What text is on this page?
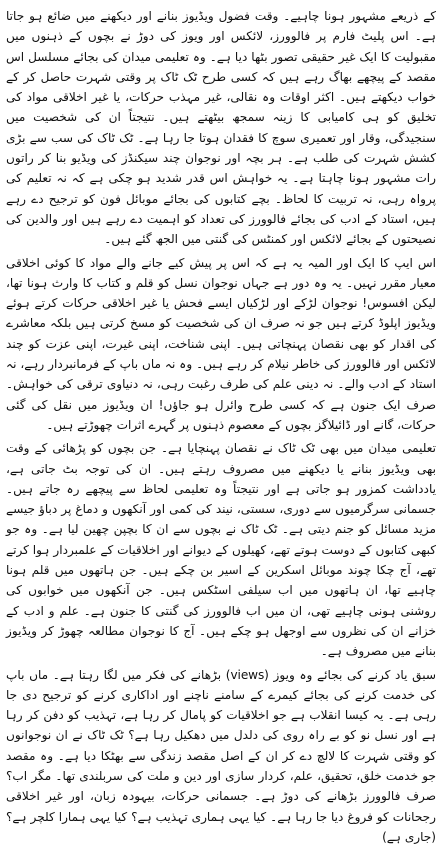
کے ذریعے مشہور ہونا چاہیے۔ وقت فضول ویڈیوز بنانے اور دیکھنے میں ضائع ہو جاتا ہے۔ اس پلیٹ فارم پر فالوورز، لائکس اور ویوز کی دوڑ نے بچوں کے ذہنوں میں مقبولیت کا ایک غیر حقیقی تصور بٹھا دیا ہے۔ وہ تعلیمی میدان کی بجائے مسلسل اس مقصد کے پیچھے بھاگ رہے ہیں کہ کسی طرح ٹک ٹاک پر وقتی شہرت حاصل کر کے خواب دیکھتے ہیں۔ اکثر اوقات وہ نقالی، غیر مہذب حرکات، یا غیر اخلاقی مواد کی تخلیق کو ہی کامیابی کا زینہ سمجھ بیٹھتے ہیں۔ نتیجتاً ان کی شخصیت میں سنجیدگی، وقار اور تعمیری سوچ کا فقدان ہوتا جا رہا ہے۔ ٹک ٹاک کی سب سے بڑی کشش شہرت کی طلب ہے۔ ہر بچہ اور نوجوان چند سیکنڈز کی ویڈیو بنا کر راتوں رات مشہور ہونا چاہتا ہے۔ یہ خواہش اس قدر شدید ہو چکی ہے کہ نہ تعلیم کی پرواہ رہی، نہ تربیت کا لحاظ۔ بچے کتابوں کی بجائے موبائل فون کو ترجیح دے رہے ہیں، استاد کے ادب کی بجائے فالوورز کی تعداد کو اہمیت دے رہے ہیں اور والدین کی نصیحتوں کے بجائے لائکس اور کمنٹس کی گنتی میں الجھ گئے ہیں۔

اس ایپ کا ایک اور المیہ یہ ہے کہ اس پر پیش کیے جانے والے مواد کا کوئی اخلاقی معیار مقرر نہیں۔ یہ وہ دور ہے جہاں نوجوان نسل کو قلم و کتاب کا وارث ہونا تھا، لیکن افسوس! نوجوان لڑکے اور لڑکیاں ایسے فحش یا غیر اخلاقی حرکات کرتے ہوئے ویڈیوز اپلوڈ کرتے ہیں جو نہ صرف ان کی شخصیت کو مسخ کرتی ہیں بلکہ معاشرے کی اقدار کو بھی نقصان پہنچاتی ہیں۔ اپنی شناخت، اپنی غیرت، اپنی عزت کو چند لائکس اور فالوورز کی خاطر نیلام کر رہے ہیں۔ وہ نہ ماں باپ کے فرمانبردار رہے، نہ استاد کے ادب والے۔ نہ دینی علم کی طرف رغبت رہی، نہ دنیاوی ترقی کی خواہش۔ صرف ایک جنون ہے کہ کسی طرح وائرل ہو جاؤں! ان ویڈیوز میں نقل کی گئی حرکات، گانے اور ڈائیلاگز بچوں کے معصوم ذہنوں پر گہرے اثرات چھوڑتے ہیں۔

تعلیمی میدان میں بھی ٹک ٹاک نے نقصان پہنچایا ہے۔ جن بچوں کو پڑھائی کے وقت بھی ویڈیوز بنانے یا دیکھنے میں مصروف رہتے ہیں۔ ان کی توجہ بٹ جاتی ہے، یادداشت کمزور ہو جاتی ہے اور نتیجتاً وہ تعلیمی لحاظ سے پیچھے رہ جاتے ہیں۔ جسمانی سرگرمیوں سے دوری، سستی، نیند کی کمی اور آنکھوں و دماغ پر دباؤ جیسے مزید مسائل کو جنم دیتی ہے۔ ٹک ٹاک نے بچوں سے ان کا بچپن چھین لیا ہے۔ وہ جو کبھی کتابوں کے دوست ہوتے تھے، کھیلوں کے دیوانے اور اخلاقیات کے علمبردار ہوا کرتے تھے، آج چکا چوند موبائل اسکرین کے اسیر بن چکے ہیں۔ جن ہاتھوں میں قلم ہونا چاہیے تھا، ان ہاتھوں میں اب سیلفی اسٹکس ہیں۔ جن آنکھوں میں خوابوں کی روشنی ہونی چاہیے تھی، ان میں اب فالوورز کی گنتی کا جنون ہے۔ علم و ادب کے خزانے ان کی نظروں سے اوجھل ہو چکے ہیں۔ آج کا نوجوان مطالعہ چھوڑ کر ویڈیوز بنانے میں مصروف ہے۔

سبق یاد کرنے کی بجائے وہ ویوز (views) بڑھانے کی فکر میں لگا رہتا ہے۔ ماں باپ کی خدمت کرنے کی بجائے کیمرے کے سامنے ناچنے اور اداکاری کرنے کو ترجیح دی جا رہی ہے۔ یہ کیسا انقلاب ہے جو اخلاقیات کو پامال کر رہا ہے، تہذیب کو دفن کر رہا ہے اور نسل نو کو بے راہ روی کی دلدل میں دھکیل رہا ہے؟ ٹک ٹاک نے ان نوجوانوں کو وقتی شہرت کا لالچ دے کر ان کے اصل مقصد زندگی سے بھٹکا دیا ہے۔ وہ مقصد جو خدمت خلق، تحقیق، علم، کردار سازی اور دین و ملت کی سربلندی تھا۔ مگر اب؟ صرف فالوورز بڑھانے کی دوڑ ہے۔ جسمانی حرکات، بیہودہ زبان، اور غیر اخلاقی رجحانات کو فروغ دیا جا رہا ہے۔ کیا یہی ہماری تہذیب ہے؟ کیا یہی ہمارا کلچر ہے؟ (جاری ہے)
